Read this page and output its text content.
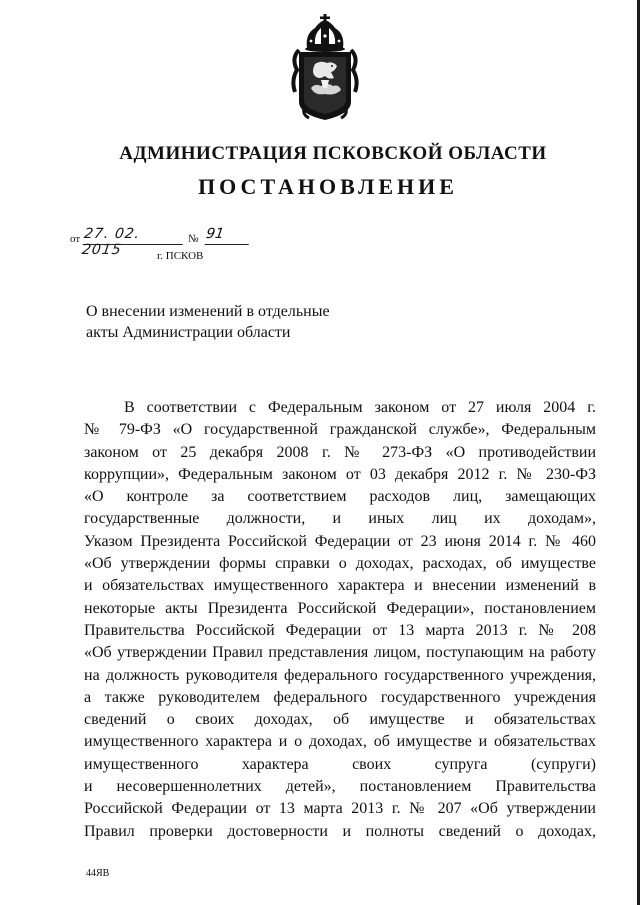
АДМИНИСТРАЦИЯ ПСКОВСКОЙ ОБЛАСТИ
ПОСТАНОВЛЕНИЕ
от 27. 02. 2015
№ 91
г. ПСКОВ
О внесении изменений в отдельные
акты Администрации области
В соответствии с Федеральным законом от 27 июля 2004 г.
№ 79-ФЗ «О государственной гражданской службе», Федеральным
законом от 25 декабря 2008 г. № 273-ФЗ «О противодействии
коррупции», Федеральным законом от 03 декабря 2012 г. № 230-ФЗ
«О контроле за соответствием расходов лиц, замещающих
государственные должности, и иных лиц их доходам»,
Указом Президента Российской Федерации от 23 июня 2014 г. № 460
«Об утверждении формы справки о доходах, расходах, об имуществе
и обязательствах имущественного характера и внесении изменений в
некоторые акты Президента Российской Федерации», постановлением
Правительства Российской Федерации от 13 марта 2013 г. № 208
«Об утверждении Правил представления лицом, поступающим на работу
на должность руководителя федерального государственного учреждения,
а также руководителем федерального государственного учреждения
сведений о своих доходах, об имуществе и обязательствах
имущественного характера и о доходах, об имуществе и обязательствах
имущественного характера своих супруга (супруги)
и несовершеннолетних детей», постановлением Правительства
Российской Федерации от 13 марта 2013 г. № 207 «Об утверждении
Правил проверки достоверности и полноты сведений о доходах,
44ЯВ
